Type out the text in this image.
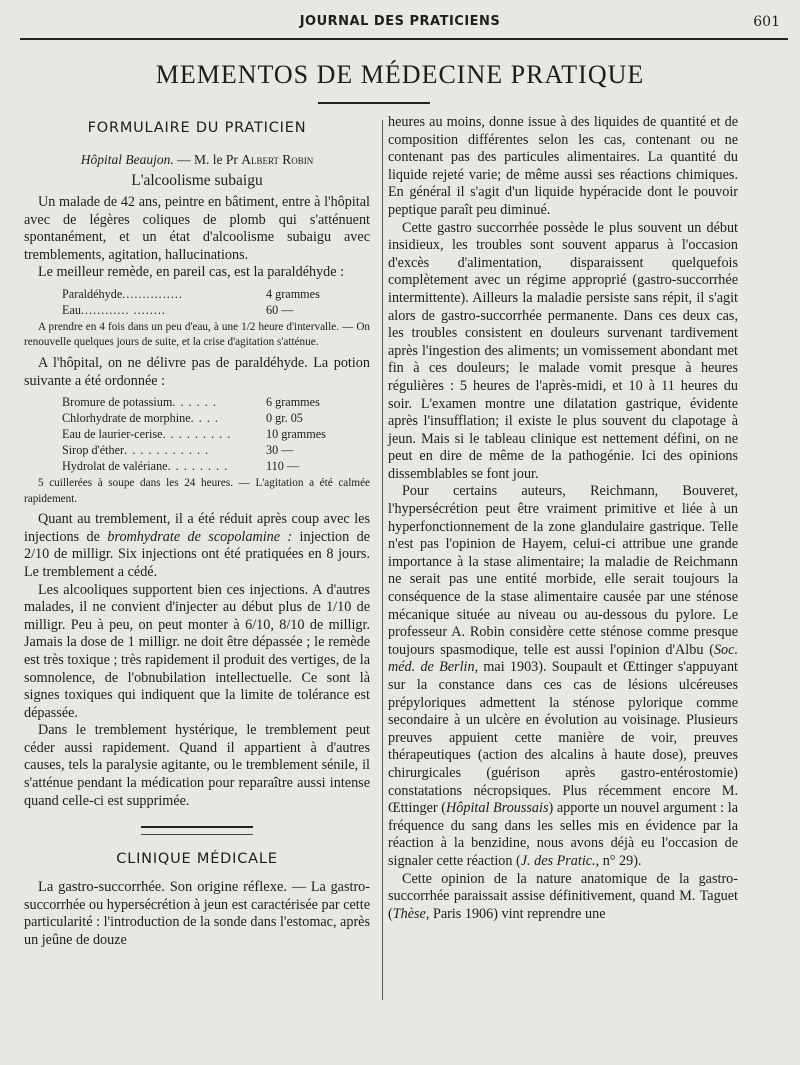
JOURNAL DES PRATICIENS	601
MEMENTOS DE MÉDECINE PRATIQUE
FORMULAIRE DU PRATICIEN
Hôpital Beaujon. — M. le Pr Albert Robin
L'alcoolisme subaigu

Un malade de 42 ans, peintre en bâtiment, entre à l'hôpital avec de légères coliques de plomb qui s'atténuent spontanément, et un état d'alcoolisme subaigu avec tremblements, agitation, hallucinations.

Le meilleur remède, en pareil cas, est la paraldéhyde :

Paraldéhyde ...............	4 grammes
Eau ............ ........	60 —
A prendre en 4 fois dans un peu d'eau, à une 1/2 heure d'intervalle. — On renouvelle quelques jours de suite, et la crise d'agitation s'atténue.

A l'hôpital, on ne délivre pas de paraldéhyde. La potion suivante a été ordonnée :

Bromure de potassium . . . . . .	6 grammes
Chlorhydrate de morphine . . . .	0 gr. 05
Eau de laurier-cerise . . . . . . . . .	10 grammes
Sirop d'éther . . . . . . . . . . .	30 —
Hydrolat de valériane . . . . . . . .	110 —
5 cuillerées à soupe dans les 24 heures. — L'agitation a été calmée rapidement.

Quant au tremblement, il a été réduit après coup avec les injections de bromhydrate de scopolamine : injection de 2/10 de milligr. Six injections ont été pratiquées en 8 jours. Le tremblement a cédé.

Les alcooliques supportent bien ces injections. A d'autres malades, il ne convient d'injecter au début plus de 1/10 de milligr. Peu à peu, on peut monter à 6/10, 8/10 de milligr. Jamais la dose de 1 milligr. ne doit être dépassée ; le remède est très toxique ; très rapidement il produit des vertiges, de la somnolence, de l'obnubilation intellectuelle. Ce sont là signes toxiques qui indiquent que la limite de tolérance est dépassée.

Dans le tremblement hystérique, le tremblement peut céder aussi rapidement. Quand il appartient à d'autres causes, tels la paralysie agitante, ou le tremblement sénile, il s'atténue pendant la médication pour reparaître aussi intense quand celle-ci est supprimée.

CLINIQUE MÉDICALE

La gastro-succorrhée. Son origine réflexe. — La gastro-succorrhée ou hypersécrétion à jeun est caractérisée par cette particularité : l'introduction de la sonde dans l'estomac, après un jeûne de douze

heures au moins, donne issue à des liquides de quantité et de composition différentes selon les cas, contenant ou ne contenant pas des particules alimentaires. La quantité du liquide rejeté varie; de même aussi ses réactions chimiques. En général il s'agit d'un liquide hypéracide dont le pouvoir peptique paraît peu diminué.

Cette gastro succorrhée possède le plus souvent un début insidieux, les troubles sont souvent apparus à l'occasion d'excès d'alimentation, disparaissent quelquefois complètement avec un régime approprié (gastro-succorrhée intermittente). Ailleurs la maladie persiste sans répit, il s'agit alors de gastro-succorrhée permanente. Dans ces deux cas, les troubles consistent en douleurs survenant tardivement après l'ingestion des aliments; un vomissement abondant met fin à ces douleurs; le malade vomit presque à heures régulières : 5 heures de l'après-midi, et 10 à 11 heures du soir. L'examen montre une dilatation gastrique, évidente après l'insufflation; il existe le plus souvent du clapotage à jeun. Mais si le tableau clinique est nettement défini, on ne peut en dire de même de la pathogénie. Ici des opinions dissemblables se font jour.

Pour certains auteurs, Reichmann, Bouveret, l'hypersécrétion peut être vraiment primitive et liée à un hyperfonctionnement de la zone glandulaire gastrique. Telle n'est pas l'opinion de Hayem, celui-ci attribue une grande importance à la stase alimentaire; la maladie de Reichmann ne serait pas une entité morbide, elle serait toujours la conséquence de la stase alimentaire causée par une sténose mécanique située au niveau ou au-dessous du pylore. Le professeur A. Robin considère cette sténose comme presque toujours spasmodique, telle est aussi l'opinion d'Albu (Soc. méd. de Berlin, mai 1903). Soupault et Œttinger s'appuyant sur la constance dans ces cas de lésions ulcéreuses prépyloriques admettent la sténose pylorique comme secondaire à un ulcère en évolution au voisinage. Plusieurs preuves appuient cette manière de voir, preuves thérapeutiques (action des alcalins à haute dose), preuves chirurgicales (guérison après gastro-entérostomie) constatations nécropsiques. Plus récemment encore M. Œttinger (Hôpital Broussais) apporte un nouvel argument : la fréquence du sang dans les selles mis en évidence par la réaction à la benzidine, nous avons déjà eu l'occasion de signaler cette réaction (J. des Pratic., n° 29).

Cette opinion de la nature anatomique de la gastro-succorrhée paraissait assise définitivement, quand M. Taguet (Thèse, Paris 1906) vint reprendre une
